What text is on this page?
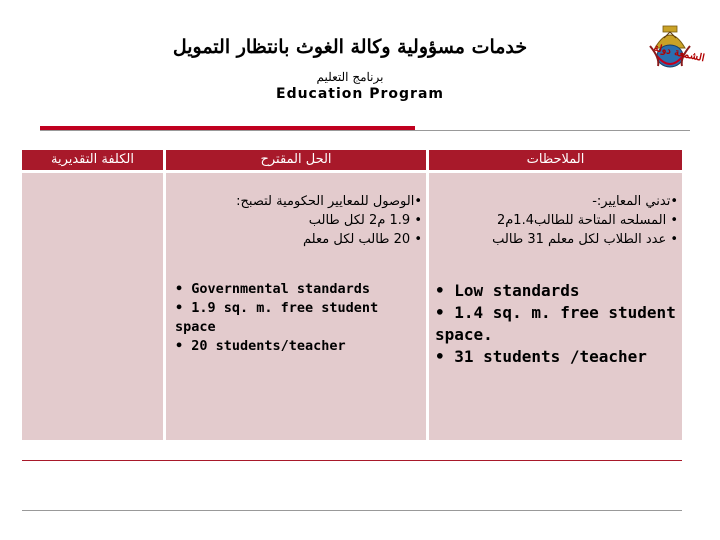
خدمات مسؤولية وكالة الغوث بانتظار التمويل
برنامج التعليم
Education Program
الشمعة دولة
الكلفة التقديرية	الحل المقترح	الملاحظات
•الوصول للمعايير الحكومية لتصبح:
• 1.9 م2 لكل طالب
• 20 طالب لكل معلم
•تدني المعايير:-
• المسلحه المتاحة للطالب1.4م2
• عدد الطلاب لكل معلم 31 طالب
• Governmental standards
• 1.9 sq. m. free student space
• 20 students/teacher
• Low standards
• 1.4 sq. m. free student space.
• 31 students /teacher
